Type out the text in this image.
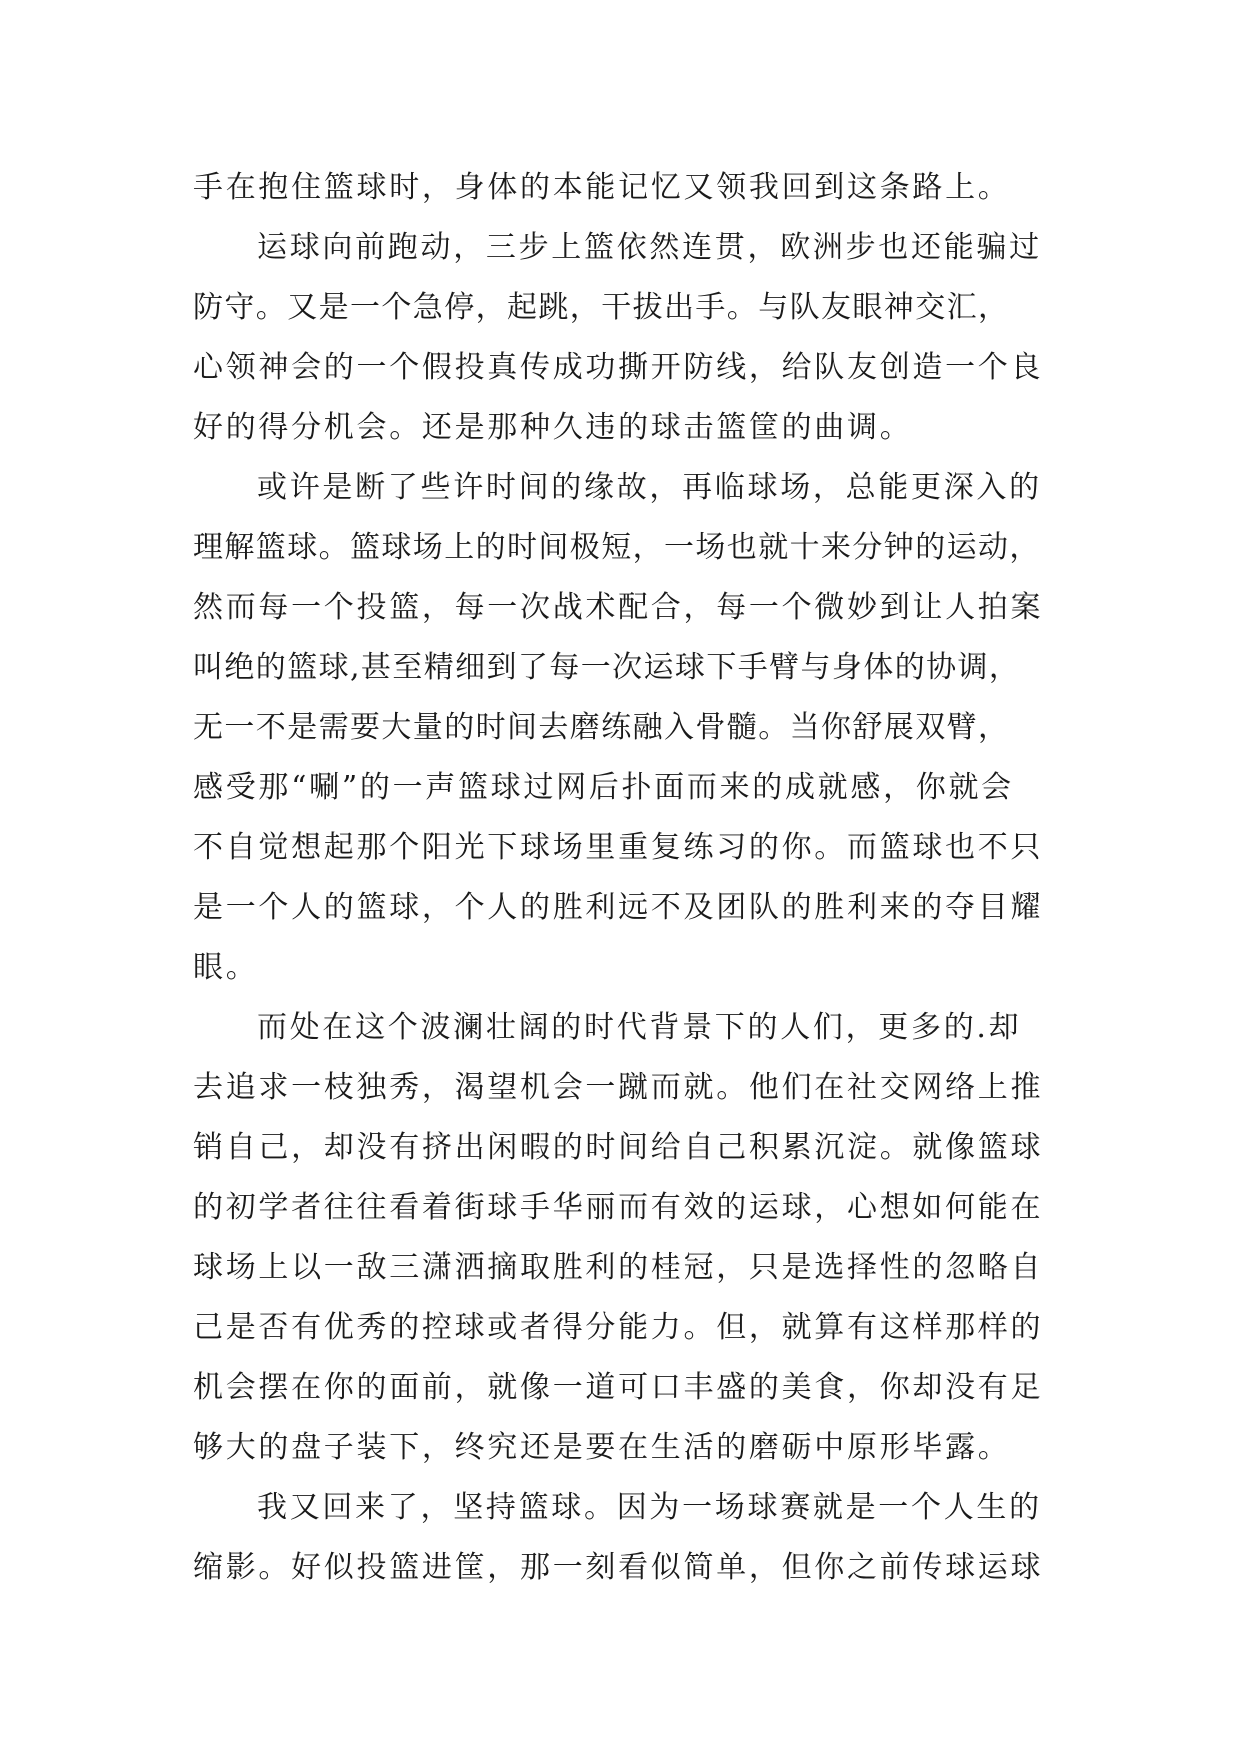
手在抱住篮球时，身体的本能记忆又领我回到这条路上。
运球向前跑动，三步上篮依然连贯，欧洲步也还能骗过
防守。又是一个急停，起跳，干拔出手。与队友眼神交汇，
心领神会的一个假投真传成功撕开防线，给队友创造一个良
好的得分机会。还是那种久违的球击篮筐的曲调。
或许是断了些许时间的缘故，再临球场，总能更深入的
理解篮球。篮球场上的时间极短，一场也就十来分钟的运动，
然而每一个投篮，每一次战术配合，每一个微妙到让人拍案
叫绝的篮球,甚至精细到了每一次运球下手臂与身体的协调，
无一不是需要大量的时间去磨练融入骨髓。当你舒展双臂，
感受那“唰”的一声篮球过网后扑面而来的成就感，你就会
不自觉想起那个阳光下球场里重复练习的你。而篮球也不只
是一个人的篮球，个人的胜利远不及团队的胜利来的夺目耀
眼。
而处在这个波澜壮阔的时代背景下的人们，更多的.却
去追求一枝独秀，渴望机会一蹴而就。他们在社交网络上推
销自己，却没有挤出闲暇的时间给自己积累沉淀。就像篮球
的初学者往往看着街球手华丽而有效的运球，心想如何能在
球场上以一敌三潇洒摘取胜利的桂冠，只是选择性的忽略自
己是否有优秀的控球或者得分能力。但，就算有这样那样的
机会摆在你的面前，就像一道可口丰盛的美食，你却没有足
够大的盘子装下，终究还是要在生活的磨砺中原形毕露。
我又回来了，坚持篮球。因为一场球赛就是一个人生的
缩影。好似投篮进筐，那一刻看似简单，但你之前传球运球
